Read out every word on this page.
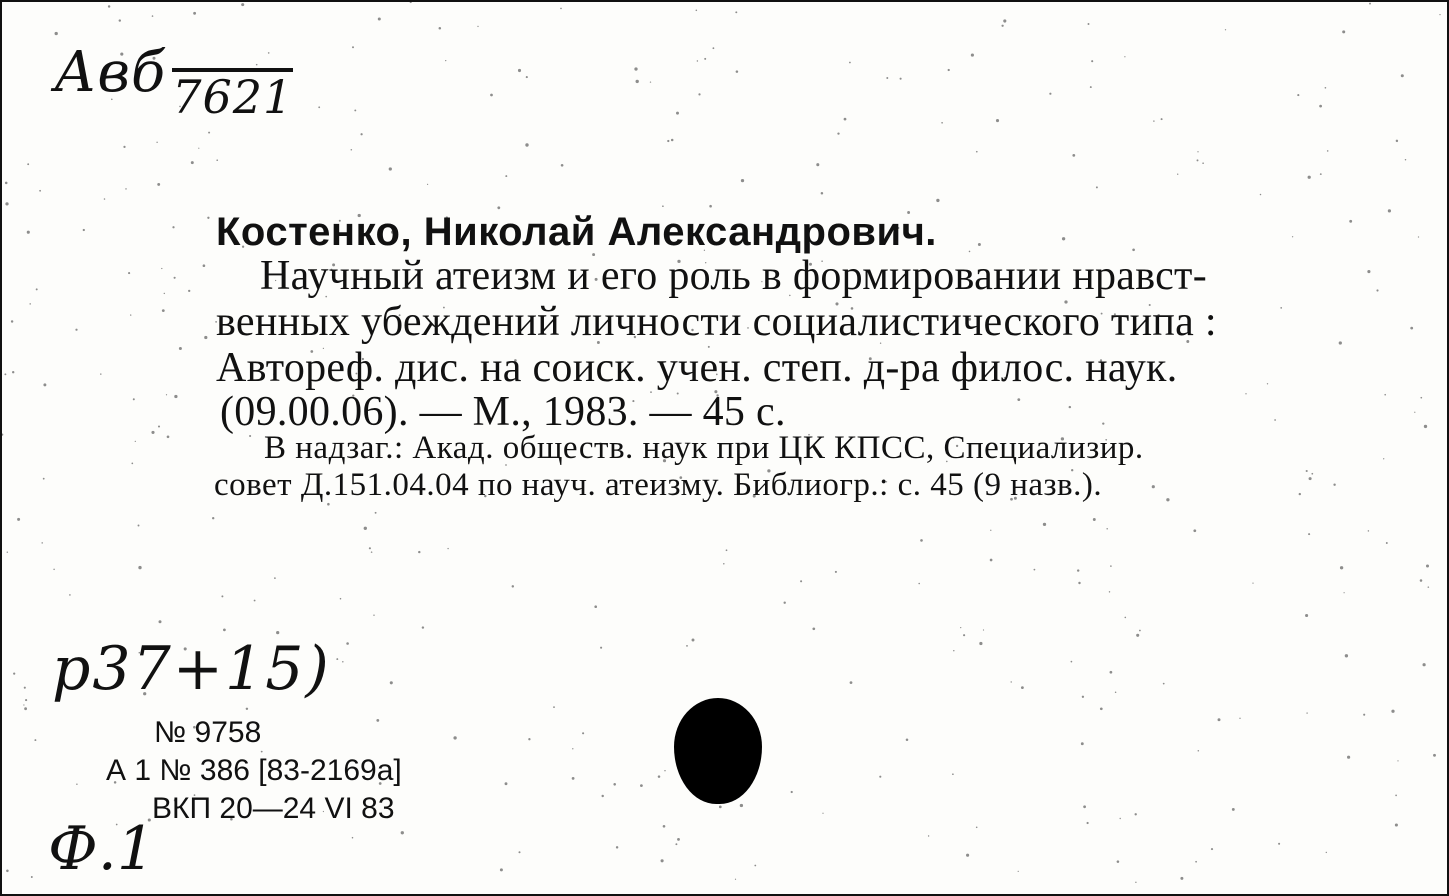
Авб 7621
Костенко, Николай Александрович.
Научный атеизм и его роль в формировании нравст-
венных убеждений личности социалистического типа :
Автореф. дис. на соиск. учен. степ. д-ра филос. наук.
(09.00.06). — М., 1983. — 45 с.
В надзаг.: Акад. обществ. наук при ЦК КПСС, Специализир.
совет Д.151.04.04 по науч. атеизму. Библиогр.: с. 45 (9 назв.).
р37+15)
№ 9758
А 1 № 386 [83-2169а]
ВКП 20—24 VI 83
Ф.1
